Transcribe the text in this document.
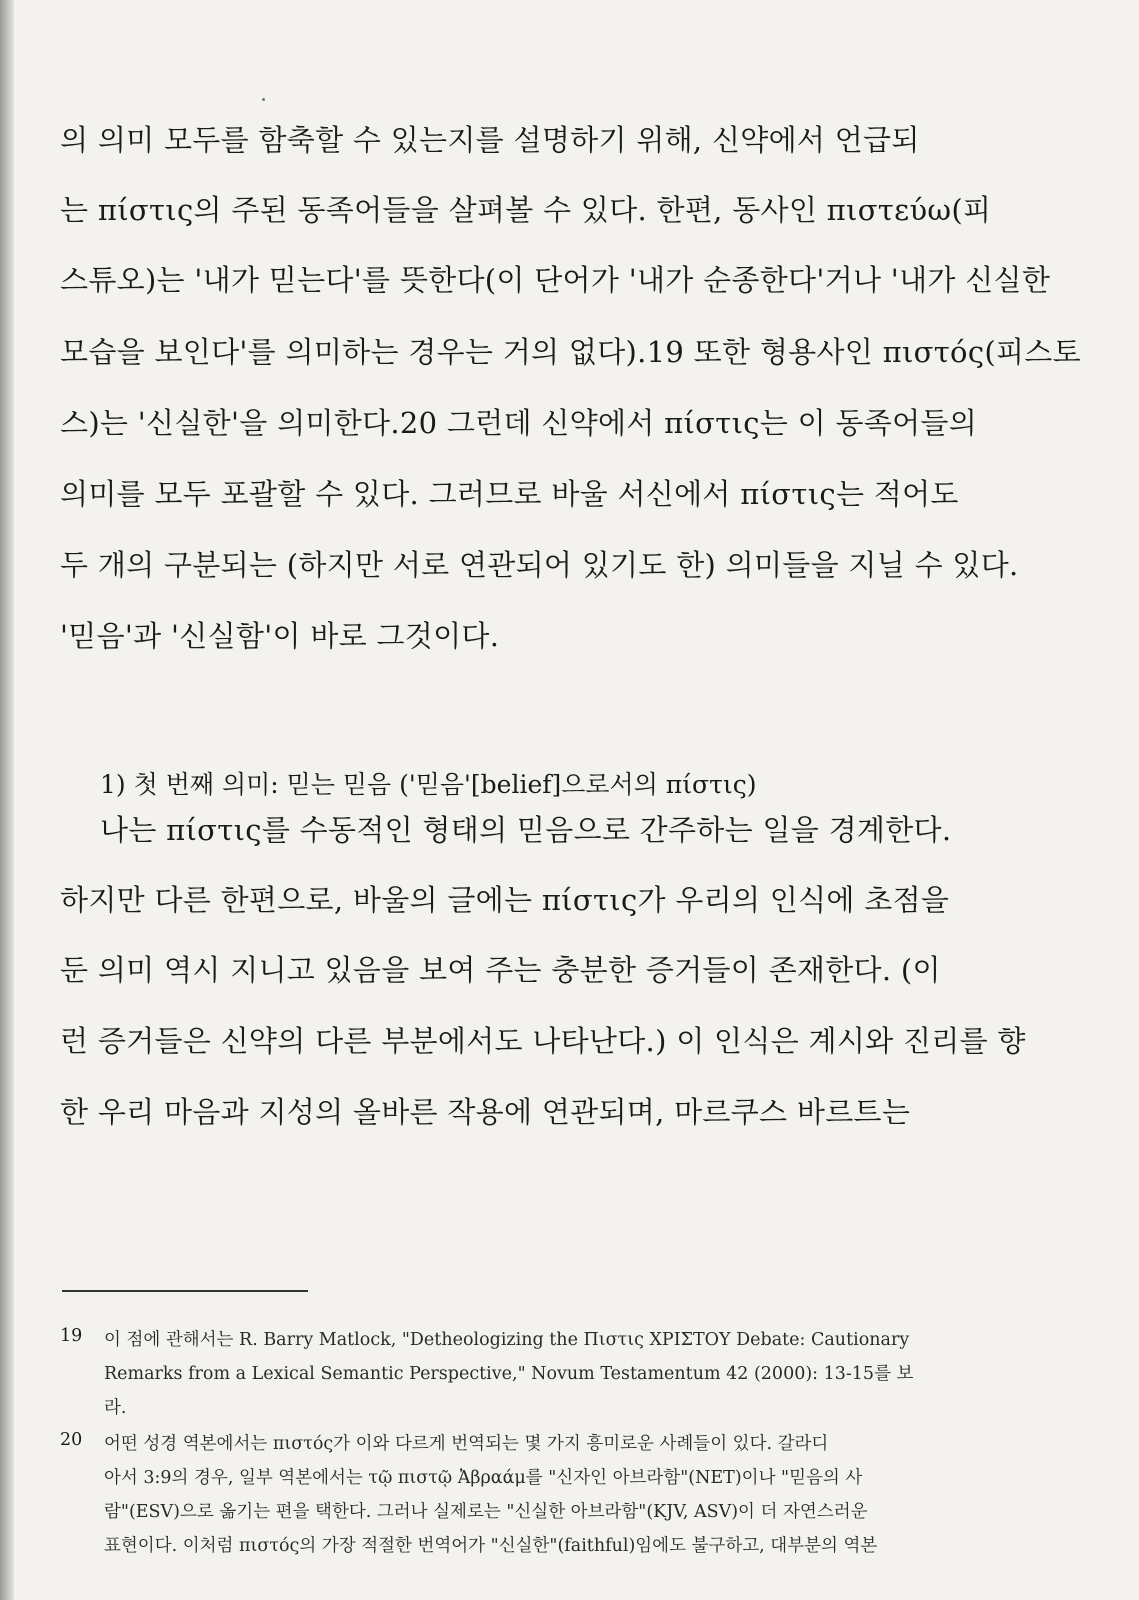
의 의미 모두를 함축할 수 있는지를 설명하기 위해, 신약에서 언급되
는 πίστις의 주된 동족어들을 살펴볼 수 있다. 한편, 동사인 πιστεύω(피
스튜오)는 '내가 믿는다'를 뜻한다(이 단어가 '내가 순종한다'거나 '내가 신실한
모습을 보인다'를 의미하는 경우는 거의 없다).19 또한 형용사인 πιστός(피스토
스)는 '신실한'을 의미한다.20 그런데 신약에서 πίστις는 이 동족어들의
의미를 모두 포괄할 수 있다. 그러므로 바울 서신에서 πίστις는 적어도
두 개의 구분되는 (하지만 서로 연관되어 있기도 한) 의미들을 지닐 수 있다.
'믿음'과 '신실함'이 바로 그것이다.
1) 첫 번째 의미: 믿는 믿음 ('믿음'[belief]으로서의 πίστις)
나는 πίστις를 수동적인 형태의 믿음으로 간주하는 일을 경계한다.
하지만 다른 한편으로, 바울의 글에는 πίστις가 우리의 인식에 초점을
둔 의미 역시 지니고 있음을 보여 주는 충분한 증거들이 존재한다. (이
런 증거들은 신약의 다른 부분에서도 나타난다.) 이 인식은 계시와 진리를 향
한 우리 마음과 지성의 올바른 작용에 연관되며, 마르쿠스 바르트는
19 이 점에 관해서는 R. Barry Matlock, "Detheologizing the Πιστις ΧΡΙΣΤΟΥ Debate: Cautionary
Remarks from a Lexical Semantic Perspective," Novum Testamentum 42 (2000): 13-15를 보
라.
20 어떤 성경 역본에서는 πιστός가 이와 다르게 번역되는 몇 가지 흥미로운 사례들이 있다. 갈라디
아서 3:9의 경우, 일부 역본에서는 τῷ πιστῷ Ἀβραάμ를 "신자인 아브라함"(NET)이나 "믿음의 사
람"(ESV)으로 옮기는 편을 택한다. 그러나 실제로는 "신실한 아브라함"(KJV, ASV)이 더 자연스러운
표현이다. 이처럼 πιστός의 가장 적절한 번역어가 "신실한"(faithful)임에도 불구하고, 대부분의 역본
